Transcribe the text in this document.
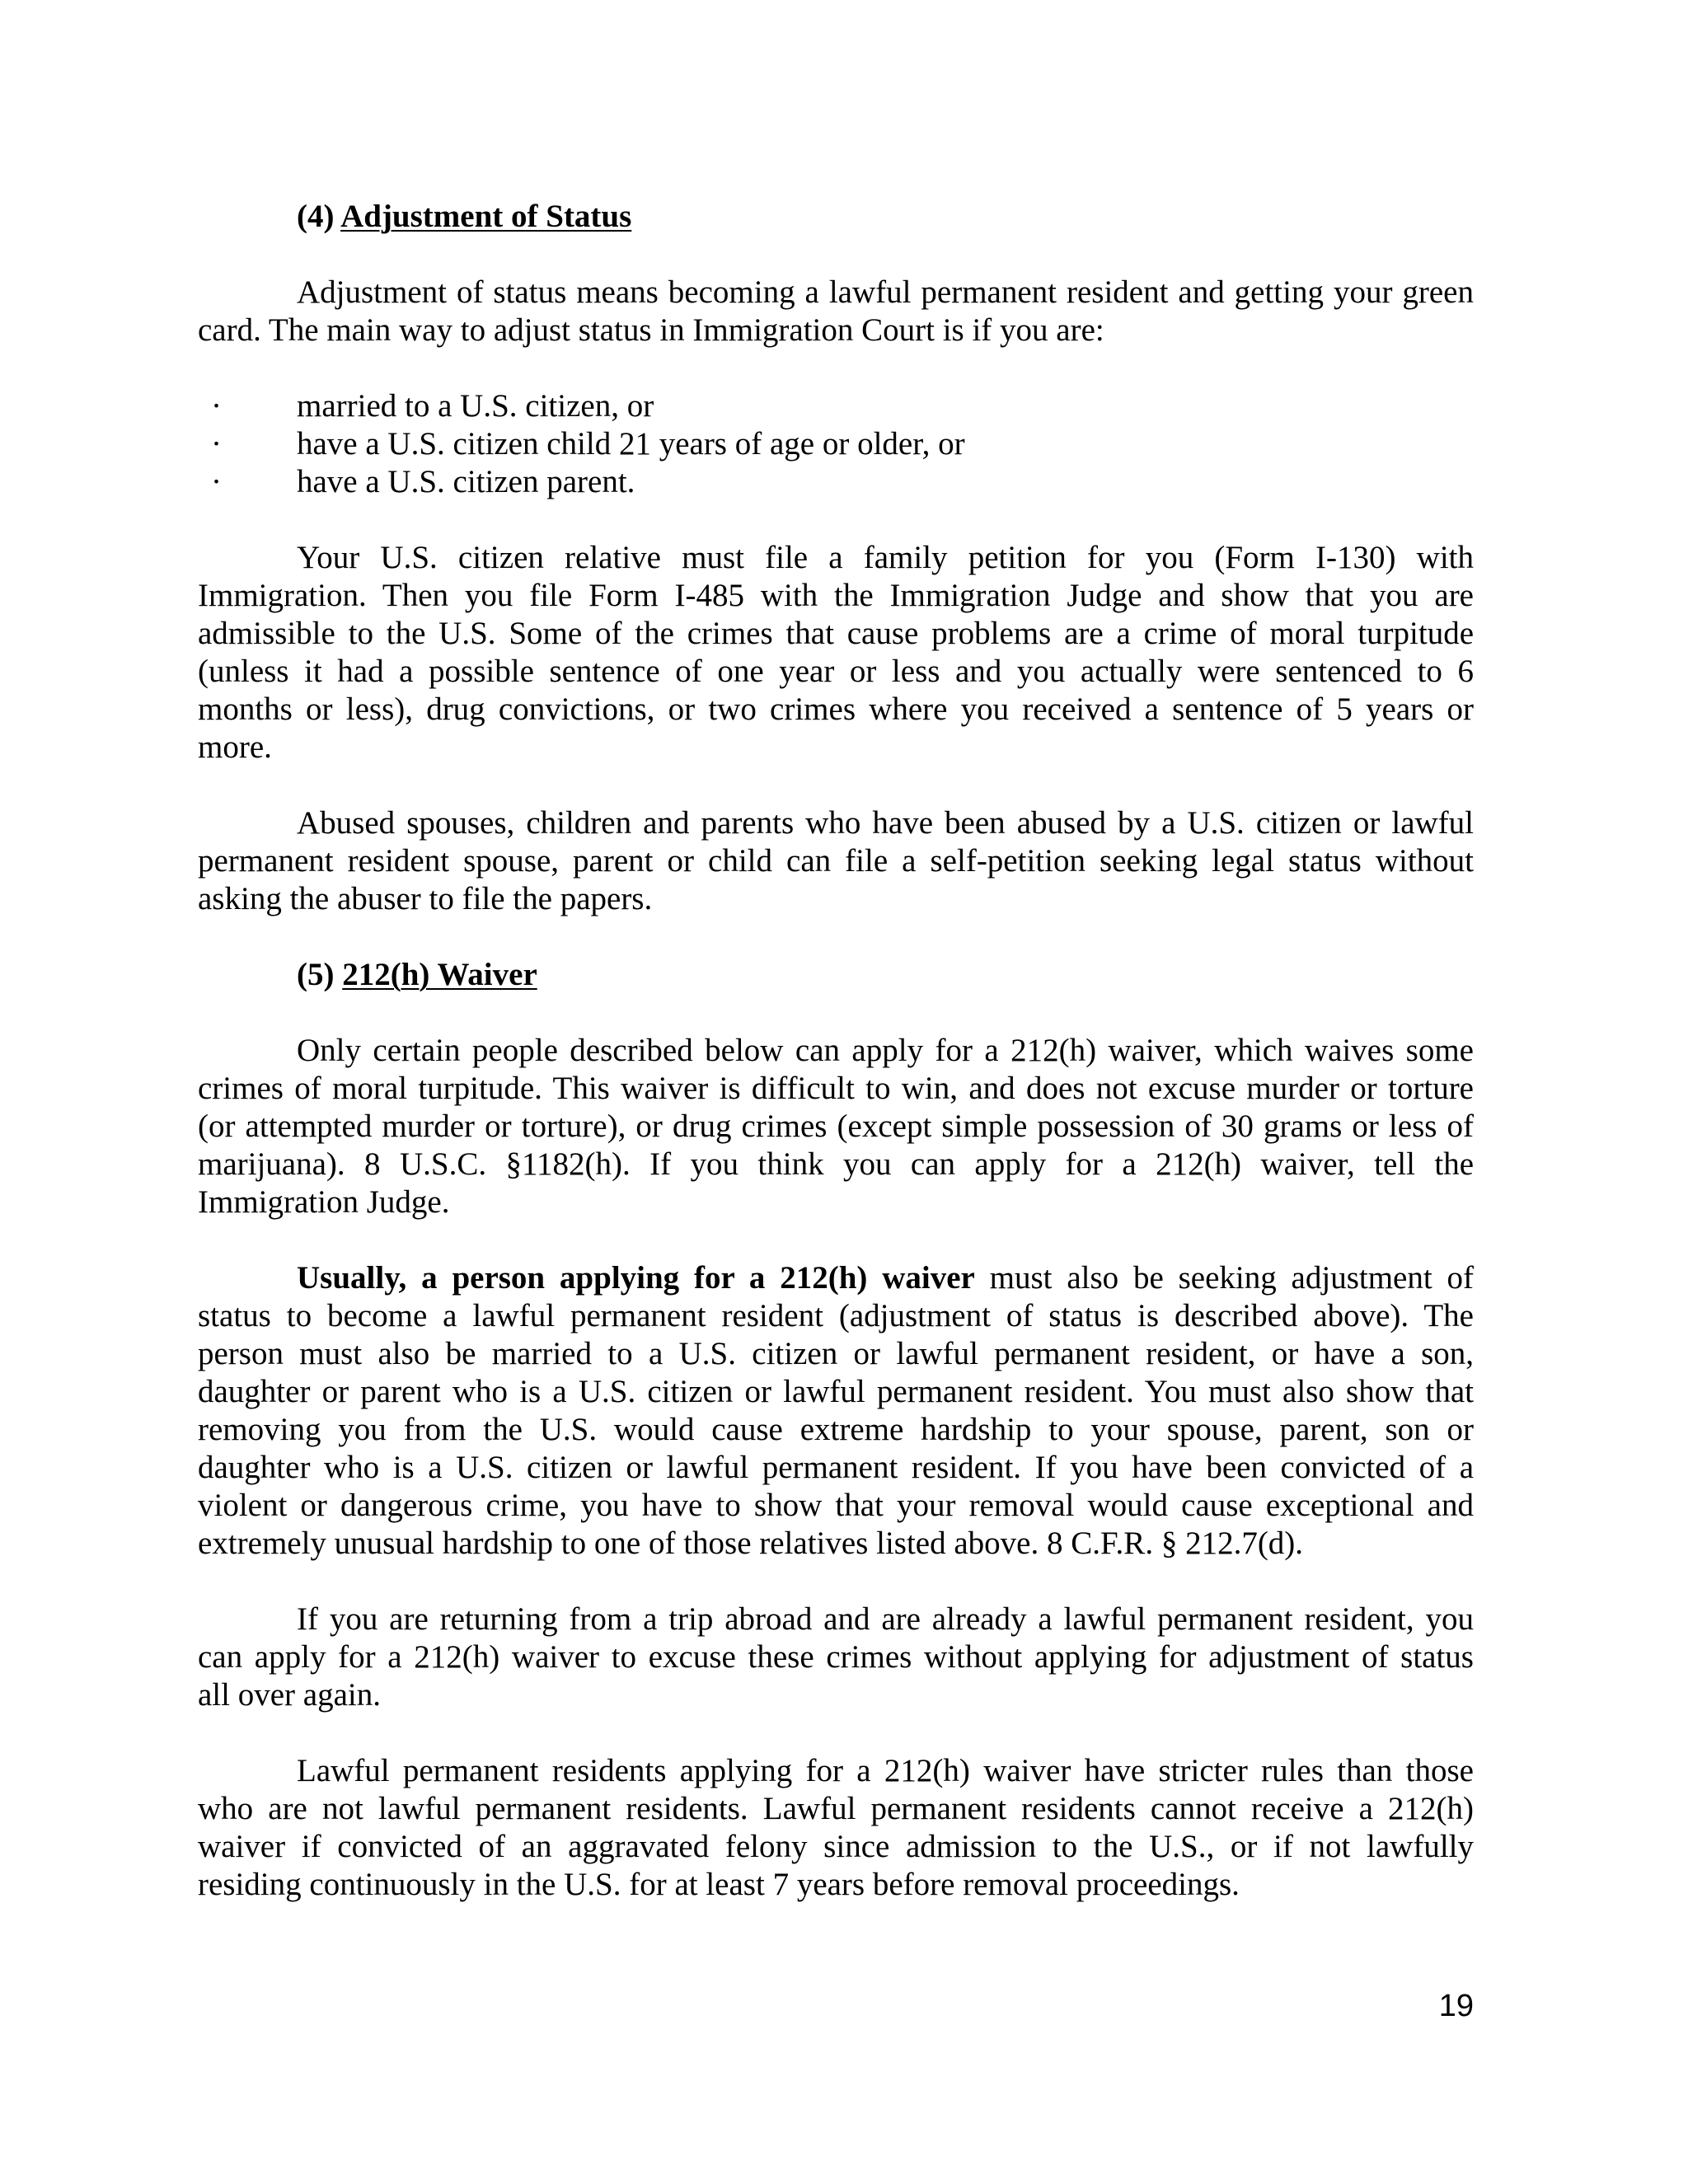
(4) Adjustment of Status
Adjustment of status means becoming a lawful permanent resident and getting your green
card. The main way to adjust status in Immigration Court is if you are:
· married to a U.S. citizen, or
· have a U.S. citizen child 21 years of age or older, or
· have a U.S. citizen parent.
Your U.S. citizen relative must file a family petition for you (Form I-130) with
Immigration. Then you file Form I-485 with the Immigration Judge and show that you are
admissible to the U.S. Some of the crimes that cause problems are a crime of moral turpitude
(unless it had a possible sentence of one year or less and you actually were sentenced to 6
months or less), drug convictions, or two crimes where you received a sentence of 5 years or
more.
Abused spouses, children and parents who have been abused by a U.S. citizen or lawful
permanent resident spouse, parent or child can file a self-petition seeking legal status without
asking the abuser to file the papers.
(5) 212(h) Waiver
Only certain people described below can apply for a 212(h) waiver, which waives some
crimes of moral turpitude. This waiver is difficult to win, and does not excuse murder or torture
(or attempted murder or torture), or drug crimes (except simple possession of 30 grams or less of
marijuana). 8 U.S.C. §1182(h). If you think you can apply for a 212(h) waiver, tell the
Immigration Judge.
Usually, a person applying for a 212(h) waiver must also be seeking adjustment of
status to become a lawful permanent resident (adjustment of status is described above). The
person must also be married to a U.S. citizen or lawful permanent resident, or have a son,
daughter or parent who is a U.S. citizen or lawful permanent resident. You must also show that
removing you from the U.S. would cause extreme hardship to your spouse, parent, son or
daughter who is a U.S. citizen or lawful permanent resident. If you have been convicted of a
violent or dangerous crime, you have to show that your removal would cause exceptional and
extremely unusual hardship to one of those relatives listed above. 8 C.F.R. § 212.7(d).
If you are returning from a trip abroad and are already a lawful permanent resident, you
can apply for a 212(h) waiver to excuse these crimes without applying for adjustment of status
all over again.
Lawful permanent residents applying for a 212(h) waiver have stricter rules than those
who are not lawful permanent residents. Lawful permanent residents cannot receive a 212(h)
waiver if convicted of an aggravated felony since admission to the U.S., or if not lawfully
residing continuously in the U.S. for at least 7 years before removal proceedings.
19
